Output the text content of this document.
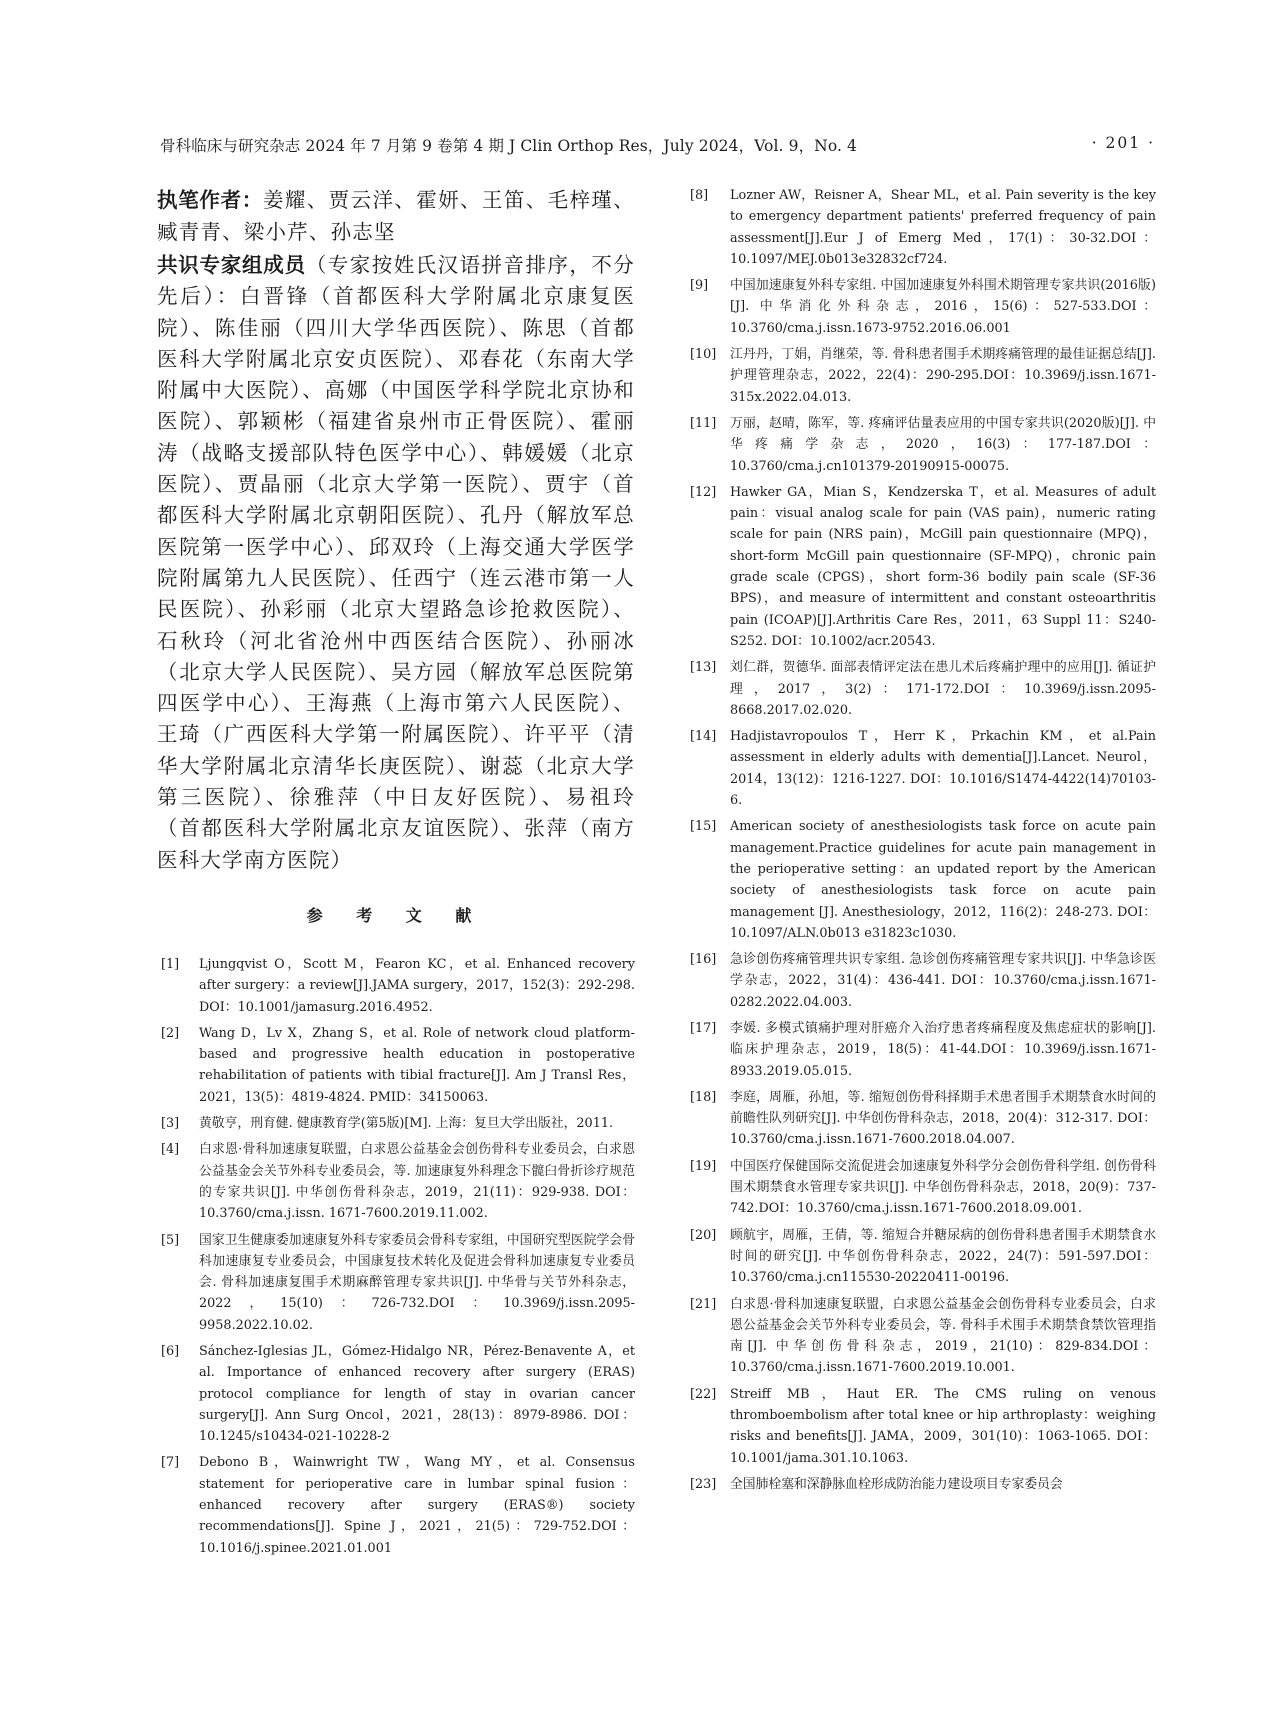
骨科临床与研究杂志 2024 年 7 月第 9 卷第 4 期 J Clin Orthop Res，July 2024，Vol. 9，No. 4	· 201 ·

执笔作者：姜耀、贾云洋、霍妍、王笛、毛梓瑾、臧青青、梁小芹、孙志坚

共识专家组成员（专家按姓氏汉语拼音排序，不分先后）：白晋锋（首都医科大学附属北京康复医院）、陈佳丽（四川大学华西医院）、陈思（首都医科大学附属北京安贞医院）、邓春花（东南大学附属中大医院）、高娜（中国医学科学院北京协和医院）、郭颖彬（福建省泉州市正骨医院）、霍丽涛（战略支援部队特色医学中心）、韩媛媛（北京医院）、贾晶丽（北京大学第一医院）、贾宇（首都医科大学附属北京朝阳医院）、孔丹（解放军总医院第一医学中心）、邱双玲（上海交通大学医学院附属第九人民医院）、任西宁（连云港市第一人民医院）、孙彩丽（北京大望路急诊抢救医院）、石秋玲（河北省沧州中西医结合医院）、孙丽冰（北京大学人民医院）、吴方园（解放军总医院第四医学中心）、王海燕（上海市第六人民医院）、王琦（广西医科大学第一附属医院）、许平平（清华大学附属北京清华长庚医院）、谢蕊（北京大学第三医院）、徐雅萍（中日友好医院）、易祖玲（首都医科大学附属北京友谊医院）、张萍（南方医科大学南方医院）

参 考 文 献
[1] Ljungqvist O，Scott M，Fearon KC，et al. Enhanced recovery after surgery：a review[J].JAMA surgery，2017，152(3)：292-298. DOI：10.1001/jamasurg.2016.4952.
[2] Wang D，Lv X，Zhang S，et al. Role of network cloud platform-based and progressive health education in postoperative rehabilitation of patients with tibial fracture[J]. Am J Transl Res，2021，13(5)：4819-4824. PMID：34150063.
[3] 黄敬亨，刑育健. 健康教育学(第5版)[M]. 上海：复旦大学出版社，2011.
[4] 白求恩·骨科加速康复联盟，白求恩公益基金会创伤骨科专业委员会，白求恩公益基金会关节外科专业委员会，等. 加速康复外科理念下髋臼骨折诊疗规范的专家共识[J]. 中华创伤骨科杂志，2019，21(11)：929-938. DOI：10.3760/cma.j.issn. 1671-7600.2019.11.002.
[5] 国家卫生健康委加速康复外科专家委员会骨科专家组，中国研究型医院学会骨科加速康复专业委员会，中国康复技术转化及促进会骨科加速康复专业委员会. 骨科加速康复围手术期麻醉管理专家共识[J]. 中华骨与关节外科杂志，2022，15(10)：726-732.DOI：10.3969/j.issn.2095-9958.2022.10.02.
[6] Sánchez-Iglesias JL，Gómez-Hidalgo NR，Pérez-Benavente A，et al. Importance of enhanced recovery after surgery (ERAS) protocol compliance for length of stay in ovarian cancer surgery[J]. Ann Surg Oncol，2021，28(13)：8979-8986. DOI：10.1245/s10434-021-10228-2
[7] Debono B，Wainwright TW，Wang MY，et al. Consensus statement for perioperative care in lumbar spinal fusion：enhanced recovery after surgery (ERAS®) society recommendations[J]. Spine J，2021，21(5)：729-752.DOI：10.1016/j.spinee.2021.01.001
[8] Lozner AW，Reisner A，Shear ML，et al. Pain severity is the key to emergency department patients' preferred frequency of pain assessment[J].Eur J of Emerg Med，17(1)：30-32.DOI：10.1097/MEJ.0b013e32832cf724.
[9] 中国加速康复外科专家组. 中国加速康复外科围术期管理专家共识(2016版)[J]. 中华消化外科杂志，2016，15(6)：527-533.DOI：10.3760/cma.j.issn.1673-9752.2016.06.001
[10] 江丹丹，丁娟，肖继荣，等. 骨科患者围手术期疼痛管理的最佳证据总结[J]. 护理管理杂志，2022，22(4)：290-295.DOI：10.3969/j.issn.1671-315x.2022.04.013.
[11] 万丽，赵晴，陈军，等. 疼痛评估量表应用的中国专家共识(2020版)[J]. 中华疼痛学杂志，2020，16(3)：177-187.DOI：10.3760/cma.j.cn101379-20190915-00075.
[12] Hawker GA，Mian S，Kendzerska T，et al. Measures of adult pain：visual analog scale for pain (VAS pain)，numeric rating scale for pain (NRS pain)，McGill pain questionnaire (MPQ)，short-form McGill pain questionnaire (SF-MPQ)，chronic pain grade scale (CPGS)，short form-36 bodily pain scale (SF-36 BPS)，and measure of intermittent and constant osteoarthritis pain (ICOAP)[J].Arthritis Care Res，2011，63 Suppl 11：S240-S252. DOI：10.1002/acr.20543.
[13] 刘仁群，贺德华. 面部表情评定法在患儿术后疼痛护理中的应用[J]. 循证护理，2017，3(2)：171-172.DOI：10.3969/j.issn.2095-8668.2017.02.020.
[14] Hadjistavropoulos T，Herr K，Prkachin KM，et al.Pain assessment in elderly adults with dementia[J].Lancet. Neurol，2014，13(12)：1216-1227. DOI：10.1016/S1474-4422(14)70103-6.
[15] American society of anesthesiologists task force on acute pain management.Practice guidelines for acute pain management in the perioperative setting：an updated report by the American society of anesthesiologists task force on acute pain management [J]. Anesthesiology，2012，116(2)：248-273. DOI：10.1097/ALN.0b013 e31823c1030.
[16] 急诊创伤疼痛管理共识专家组. 急诊创伤疼痛管理专家共识[J]. 中华急诊医学杂志，2022，31(4)：436-441. DOI：10.3760/cma.j.issn.1671-0282.2022.04.003.
[17] 李媛. 多模式镇痛护理对肝癌介入治疗患者疼痛程度及焦虑症状的影响[J]. 临床护理杂志，2019，18(5)：41-44.DOI：10.3969/j.issn.1671-8933.2019.05.015.
[18] 李庭，周雁，孙旭，等. 缩短创伤骨科择期手术患者围手术期禁食水时间的前瞻性队列研究[J]. 中华创伤骨科杂志，2018，20(4)：312-317. DOI：10.3760/cma.j.issn.1671-7600.2018.04.007.
[19] 中国医疗保健国际交流促进会加速康复外科学分会创伤骨科学组. 创伤骨科围术期禁食水管理专家共识[J]. 中华创伤骨科杂志，2018，20(9)：737-742.DOI：10.3760/cma.j.issn.1671-7600.2018.09.001.
[20] 顾航宇，周雁，王倩，等. 缩短合并糖尿病的创伤骨科患者围手术期禁食水时间的研究[J]. 中华创伤骨科杂志，2022，24(7)：591-597.DOI：10.3760/cma.j.cn115530-20220411-00196.
[21] 白求恩·骨科加速康复联盟，白求恩公益基金会创伤骨科专业委员会，白求恩公益基金会关节外科专业委员会，等. 骨科手术围手术期禁食禁饮管理指南[J]. 中华创伤骨科杂志，2019，21(10)：829-834.DOI：10.3760/cma.j.issn.1671-7600.2019.10.001.
[22] Streiff MB，Haut ER. The CMS ruling on venous thromboembolism after total knee or hip arthroplasty：weighing risks and benefits[J]. JAMA，2009，301(10)：1063-1065. DOI：10.1001/jama.301.10.1063.
[23] 全国肺栓塞和深静脉血栓形成防治能力建设项目专家委员会
